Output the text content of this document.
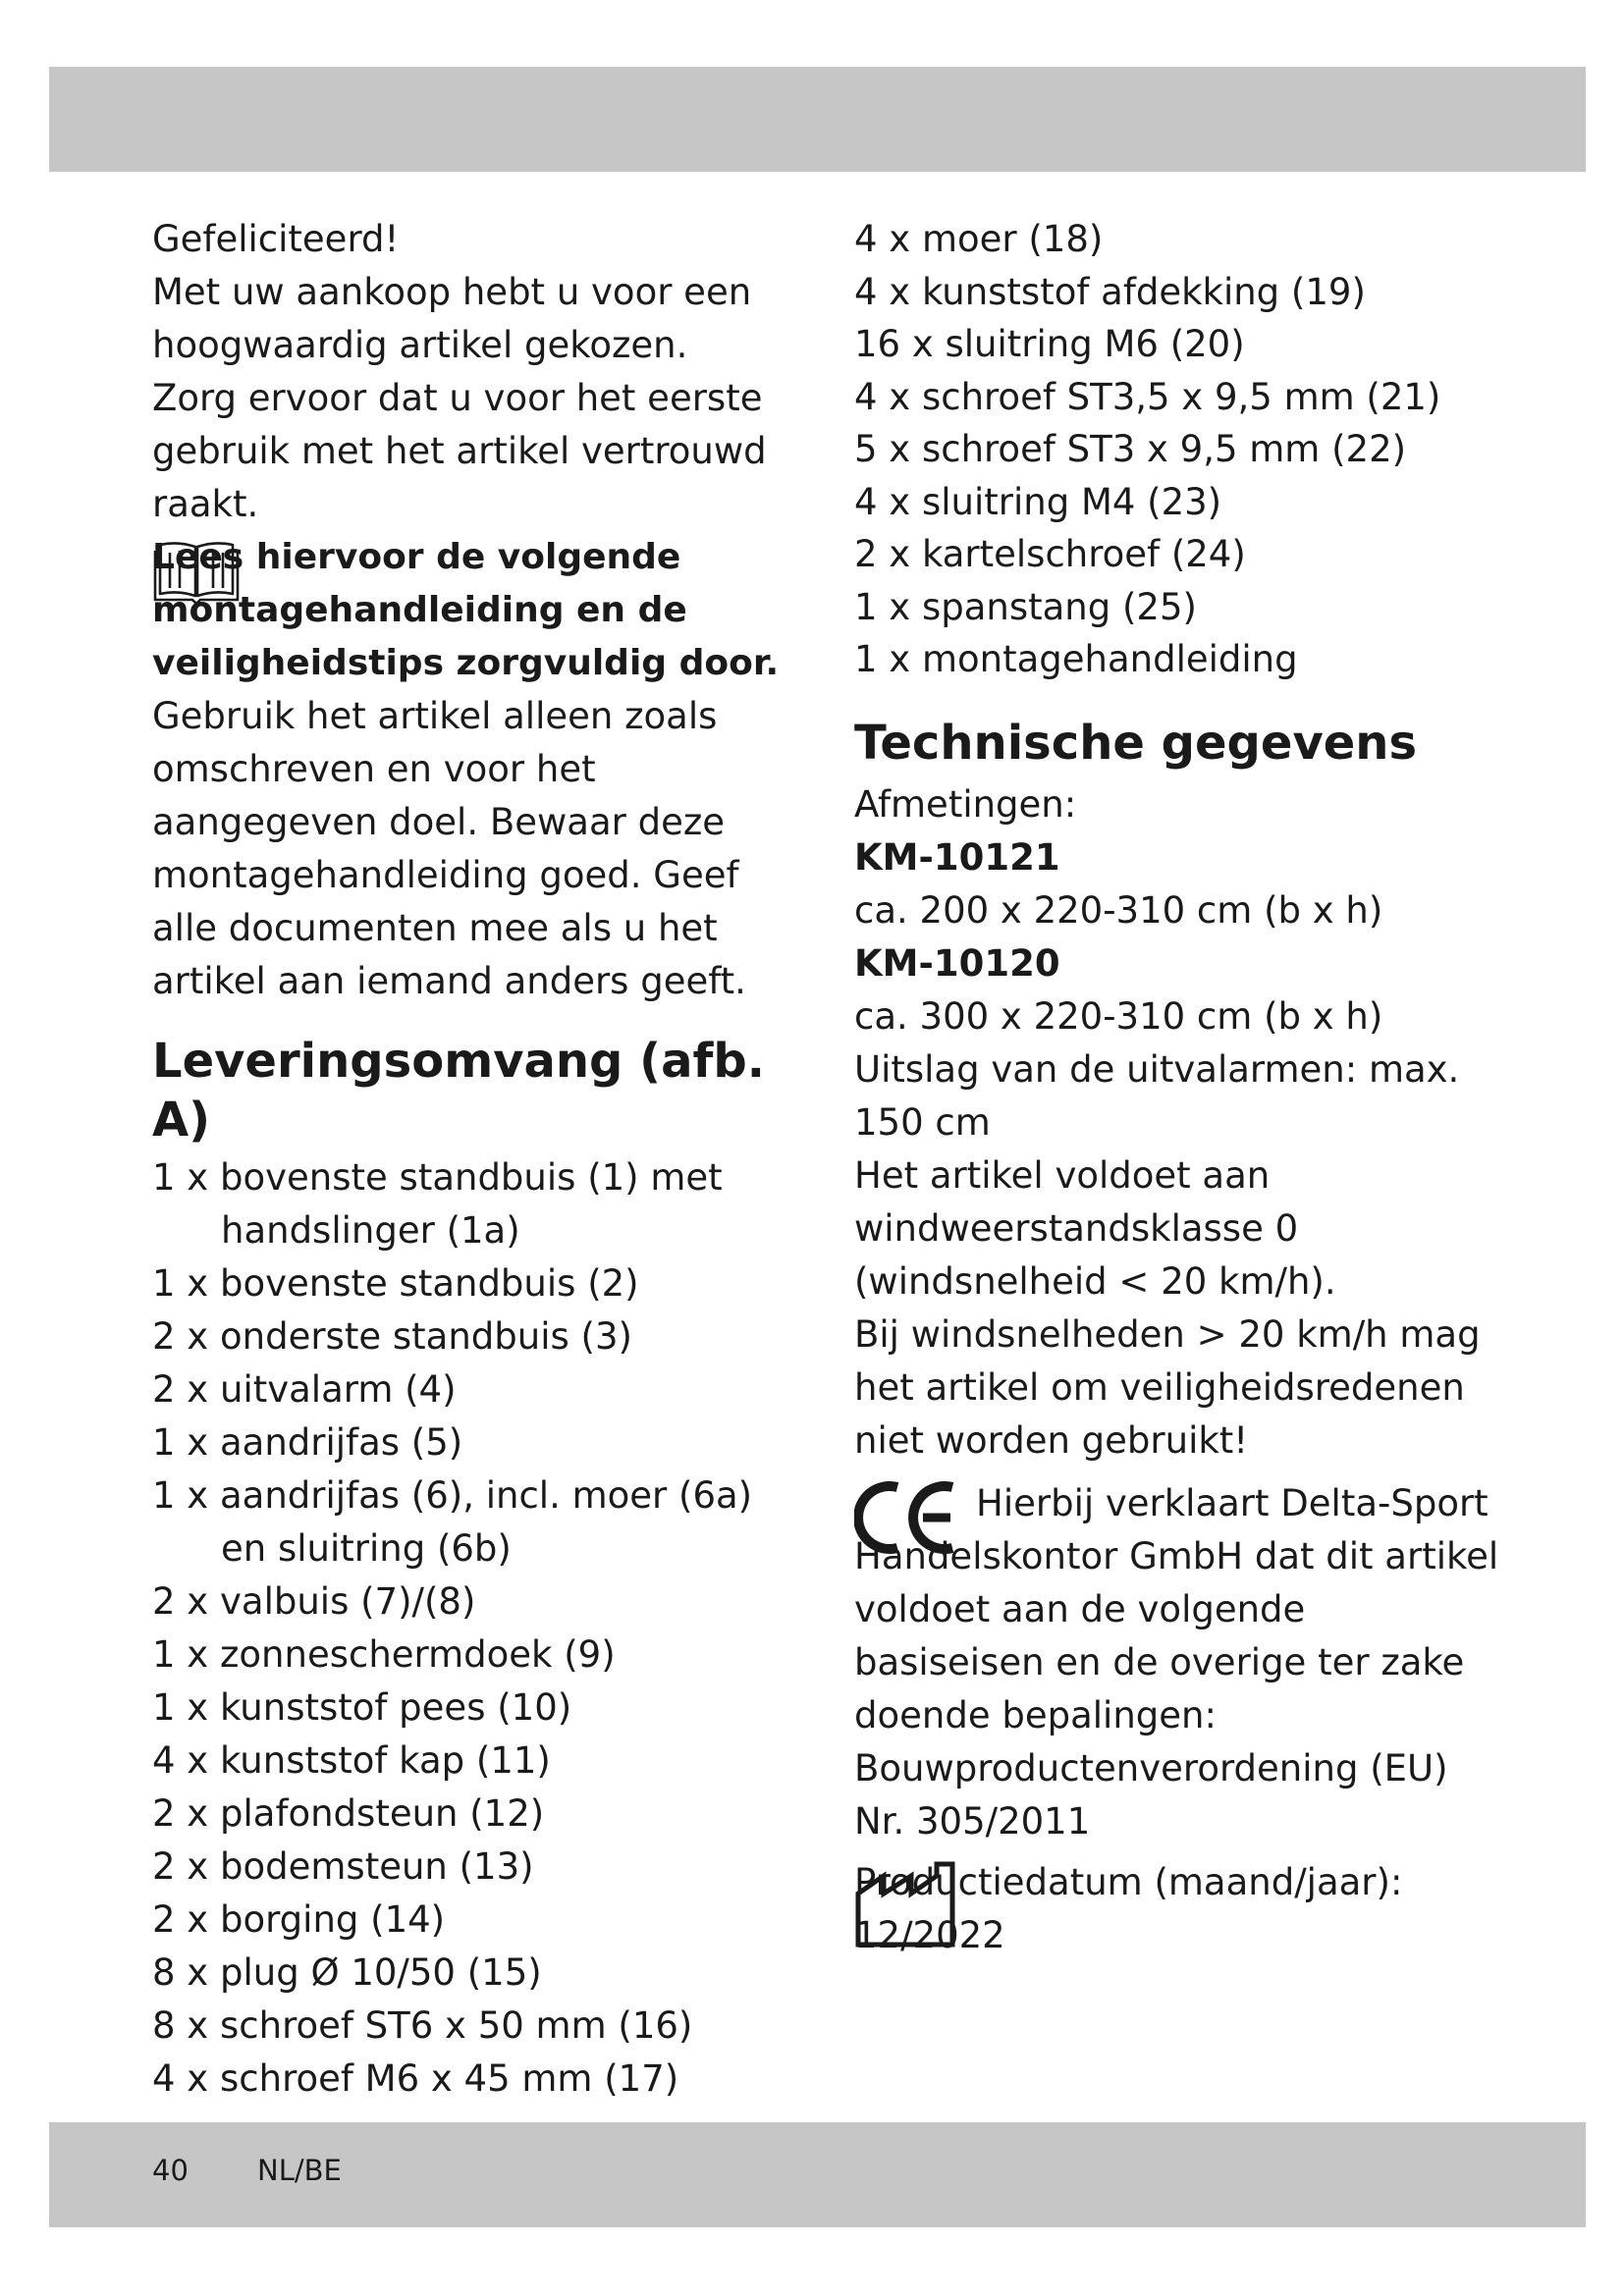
Gefeliciteerd!

Met uw aankoop hebt u voor een hoogwaardig artikel gekozen. Zorg ervoor dat u voor het eerste gebruik met het artikel vertrouwd raakt.

Lees hiervoor de volgende montagehandleiding en de veiligheidstips zorgvuldig door.

Gebruik het artikel alleen zoals omschreven en voor het aangegeven doel. Bewaar deze montagehandleiding goed. Geef alle documenten mee als u het artikel aan iemand anders geeft.

Leveringsomvang (afb. A)
1 x bovenste standbuis (1) met handslinger (1a)
1 x bovenste standbuis (2)
2 x onderste standbuis (3)
2 x uitvalarm (4)
1 x aandrijfas (5)
1 x aandrijfas (6), incl. moer (6a) en sluitring (6b)
2 x valbuis (7)/(8)
1 x zonneschermdoek (9)
1 x kunststof pees (10)
4 x kunststof kap (11)
2 x plafondsteun (12)
2 x bodemsteun (13)
2 x borging (14)
8 x plug Ø 10/50 (15)
8 x schroef ST6 x 50 mm (16)
4 x schroef M6 x 45 mm (17)
4 x moer (18)
4 x kunststof afdekking (19)
16 x sluitring M6 (20)
4 x schroef ST3,5 x 9,5 mm (21)
5 x schroef ST3 x 9,5 mm (22)
4 x sluitring M4 (23)
2 x kartelschroef (24)
1 x spanstang (25)
1 x montagehandleiding
Technische gegevens

Afmetingen:

KM-10121

ca. 200 x 220-310 cm (b x h)

KM-10120

ca. 300 x 220-310 cm (b x h)

Uitslag van de uitvalarmen: max. 150 cm

Het artikel voldoet aan windweerstandsklasse 0 (windsnelheid < 20 km/h).

Bij windsnelheden > 20 km/h mag het artikel om veiligheidsredenen niet worden gebruikt!

Hierbij verklaart Delta-Sport Handelskontor GmbH dat dit artikel voldoet aan de volgende basiseisen en de overige ter zake doende bepalingen: Bouwproductenverordening (EU) Nr. 305/2011

Productiedatum (maand/jaar): 12/2022

40 NL/BE
